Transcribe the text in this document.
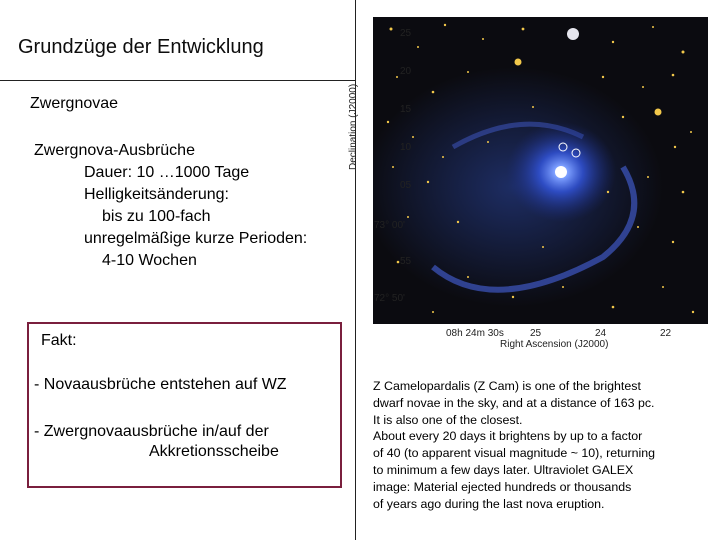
Grundzüge der Entwicklung
Zwergnovae
Zwergnova-Ausbrüche
Dauer: 10 …1000 Tage
Helligkeitsänderung:
bis zu 100-fach
unregelmäßige kurze Perioden:
4-10 Wochen
Fakt:
- Novaausbrüche entstehen auf WZ
- Zwergnovaausbrüche in/auf der
Akkretionsscheibe
Declination (J2000)
Right Ascension (J2000)
25
20
15
10
05
73° 00'
55
72° 50'
08h 24m 30s	25	24	22
Z Camelopardalis (Z Cam) is one of the brightest
dwarf novae in the sky, and at a distance of 163 pc.
It is also one of the closest.
About every 20 days it brightens by up to a factor
of 40 (to apparent visual magnitude ~ 10), returning
to minimum a few days later. Ultraviolet GALEX
image: Material ejected hundreds or thousands
of years ago during the last nova eruption.
